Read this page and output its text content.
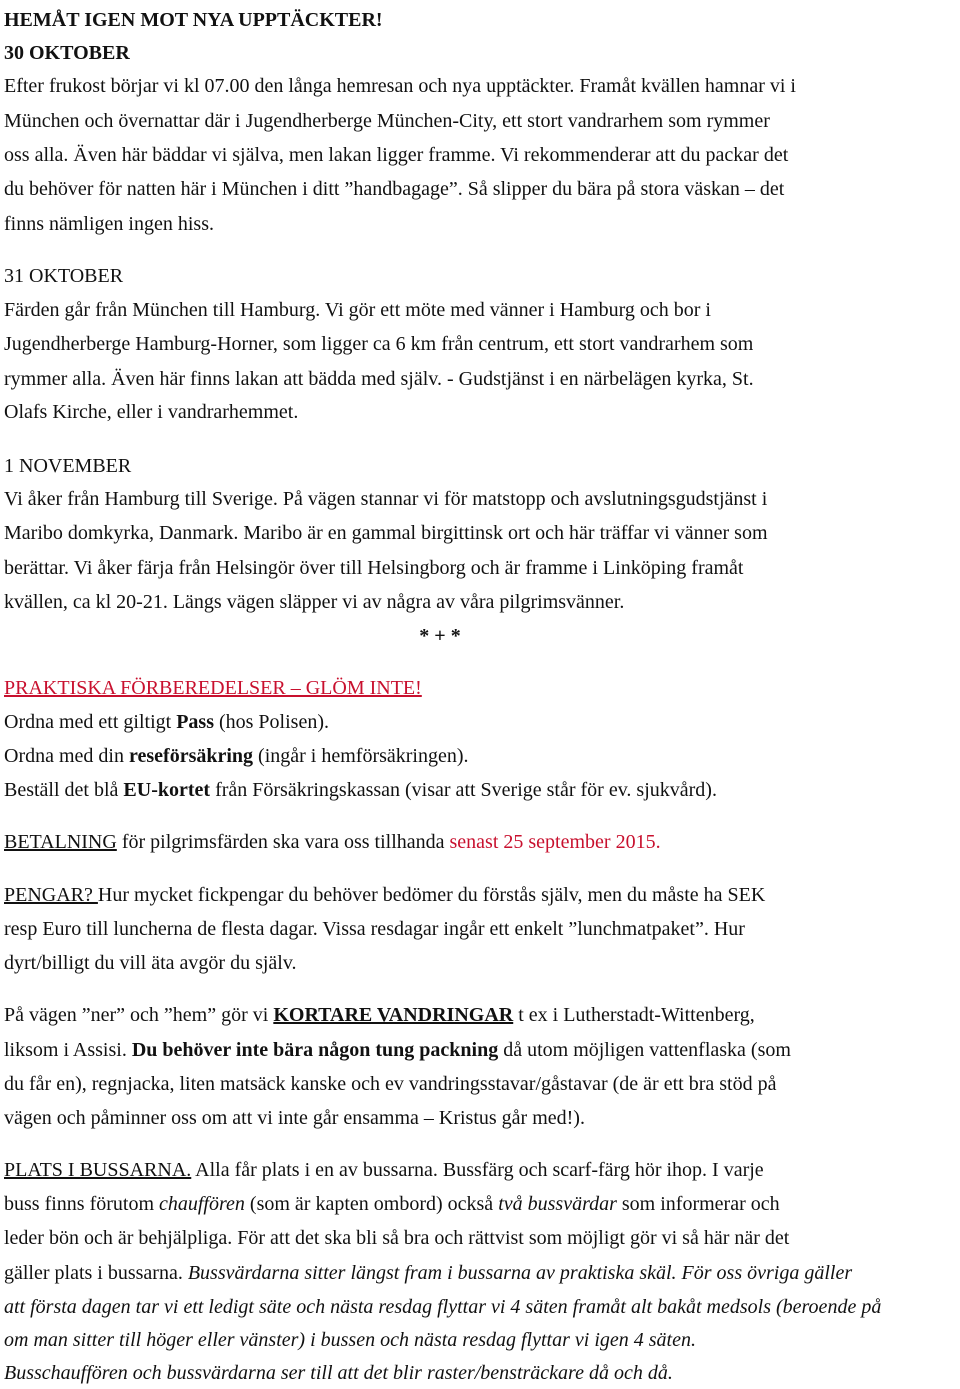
HEMÅT IGEN MOT NYA UPPTÄCKTER!
30 OKTOBER
Efter frukost börjar vi kl 07.00 den långa hemresan och nya upptäckter. Framåt kvällen hamnar vi i
München och övernattar där i Jugendherberge München-City, ett stort vandrarhem som rymmer
oss alla. Även här bäddar vi själva, men lakan ligger framme. Vi rekommenderar att du packar det
du behöver för natten här i München i ditt ”handbagage”. Så slipper du bära på stora väskan – det
finns nämligen ingen hiss.
31 OKTOBER
Färden går från München till Hamburg. Vi gör ett möte med vänner i Hamburg och bor i
Jugendherberge Hamburg-Horner, som ligger ca 6 km från centrum, ett stort vandrarhem som
rymmer alla. Även här finns lakan att bädda med själv. - Gudstjänst i en närbelägen kyrka, St.
Olafs Kirche, eller i vandrarhemmet.
1 NOVEMBER
Vi åker från Hamburg till Sverige. På vägen stannar vi för matstopp och avslutningsgudstjänst i
Maribo domkyrka, Danmark. Maribo är en gammal birgittinsk ort och här träffar vi vänner som
berättar. Vi åker färja från Helsingör över till Helsingborg och är framme i Linköping framåt
kvällen, ca kl 20-21. Längs vägen släpper vi av några av våra pilgrimsvänner.
* + *
PRAKTISKA FÖRBEREDELSER – GLÖM INTE!
Ordna med ett giltigt Pass (hos Polisen).
Ordna med din reseförsäkring (ingår i hemförsäkringen).
Beställ det blå EU-kortet från Försäkringskassan (visar att Sverige står för ev. sjukvård).
BETALNING för pilgrimsfärden ska vara oss tillhanda senast 25 september 2015.
PENGAR? Hur mycket fickpengar du behöver bedömer du förstås själv, men du måste ha SEK
resp Euro till luncherna de flesta dagar. Vissa resdagar ingår ett enkelt ”lunchmatpaket”. Hur
dyrt/billigt du vill äta avgör du själv.
På vägen ”ner” och ”hem” gör vi KORTARE VANDRINGAR t ex i Lutherstadt-Wittenberg,
liksom i Assisi. Du behöver inte bära någon tung packning då utom möjligen vattenflaska (som
du får en), regnjacka, liten matsäck kanske och ev vandringsstavar/gåstavar (de är ett bra stöd på
vägen och påminner oss om att vi inte går ensamma – Kristus går med!).
PLATS I BUSSARNA. Alla får plats i en av bussarna. Bussfärg och scarf-färg hör ihop. I varje
buss finns förutom chauffören (som är kapten ombord) också två bussvärdar som informerar och
leder bön och är behjälpliga. För att det ska bli så bra och rättvist som möjligt gör vi så här när det
gäller plats i bussarna. Bussvärdarna sitter längst fram i bussarna av praktiska skäl. För oss övriga gäller
att första dagen tar vi ett ledigt säte och nästa resdag flyttar vi 4 säten framåt alt bakåt medsols (beroende på
om man sitter till höger eller vänster) i bussen och nästa resdag flyttar vi igen 4 säten.
Busschauffören och bussvärdarna ser till att det blir raster/bensträckare då och då.
